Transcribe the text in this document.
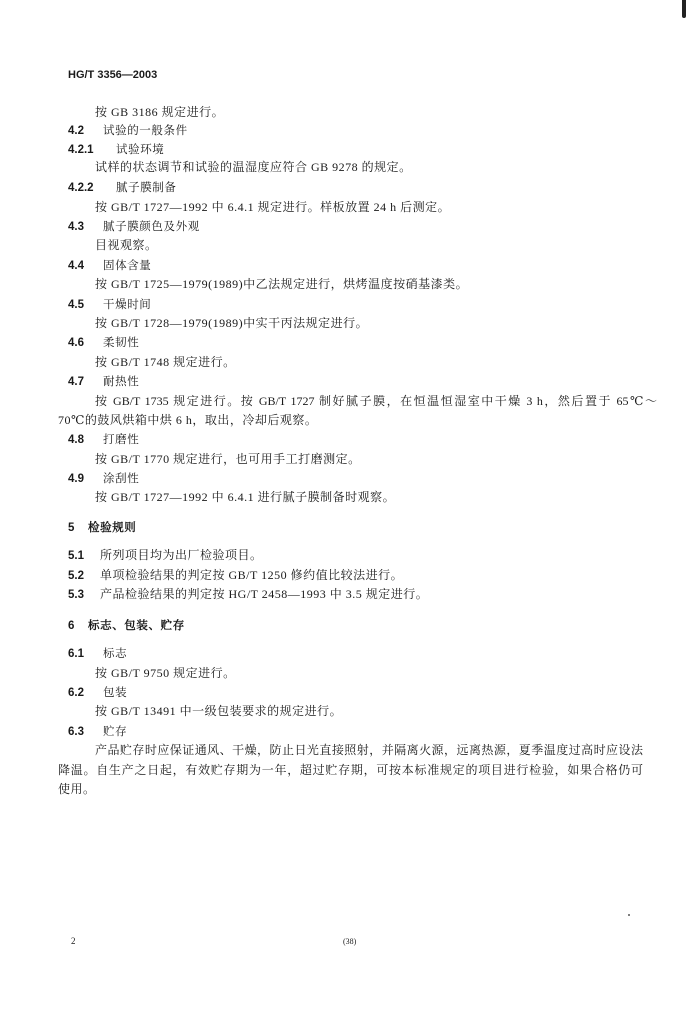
HG/T 3356—2003
按 GB 3186 规定进行。
4.2 试验的一般条件
4.2.1 试验环境
试样的状态调节和试验的温湿度应符合 GB 9278 的规定。
4.2.2 腻子膜制备
按 GB/T 1727—1992 中 6.4.1 规定进行。样板放置 24 h 后测定。
4.3 腻子膜颜色及外观
目视观察。
4.4 固体含量
按 GB/T 1725—1979(1989)中乙法规定进行，烘烤温度按硝基漆类。
4.5 干燥时间
按 GB/T 1728—1979(1989)中实干丙法规定进行。
4.6 柔韧性
按 GB/T 1748 规定进行。
4.7 耐热性
按 GB/T 1735 规定进行。按 GB/T 1727 制好腻子膜，在恒温恒湿室中干燥 3 h，然后置于 65℃～
70℃的鼓风烘箱中烘 6 h，取出，冷却后观察。
4.8 打磨性
按 GB/T 1770 规定进行，也可用手工打磨测定。
4.9 涂刮性
按 GB/T 1727—1992 中 6.4.1 进行腻子膜制备时观察。
5 检验规则
5.1 所列项目均为出厂检验项目。
5.2 单项检验结果的判定按 GB/T 1250 修约值比较法进行。
5.3 产品检验结果的判定按 HG/T 2458—1993 中 3.5 规定进行。
6 标志、包装、贮存
6.1 标志
按 GB/T 9750 规定进行。
6.2 包装
按 GB/T 13491 中一级包装要求的规定进行。
6.3 贮存
产品贮存时应保证通风、干燥，防止日光直接照射，并隔离火源，远离热源，夏季温度过高时应设法
降温。自生产之日起，有效贮存期为一年，超过贮存期，可按本标准规定的项目进行检验，如果合格仍可
使用。
2	(38)
